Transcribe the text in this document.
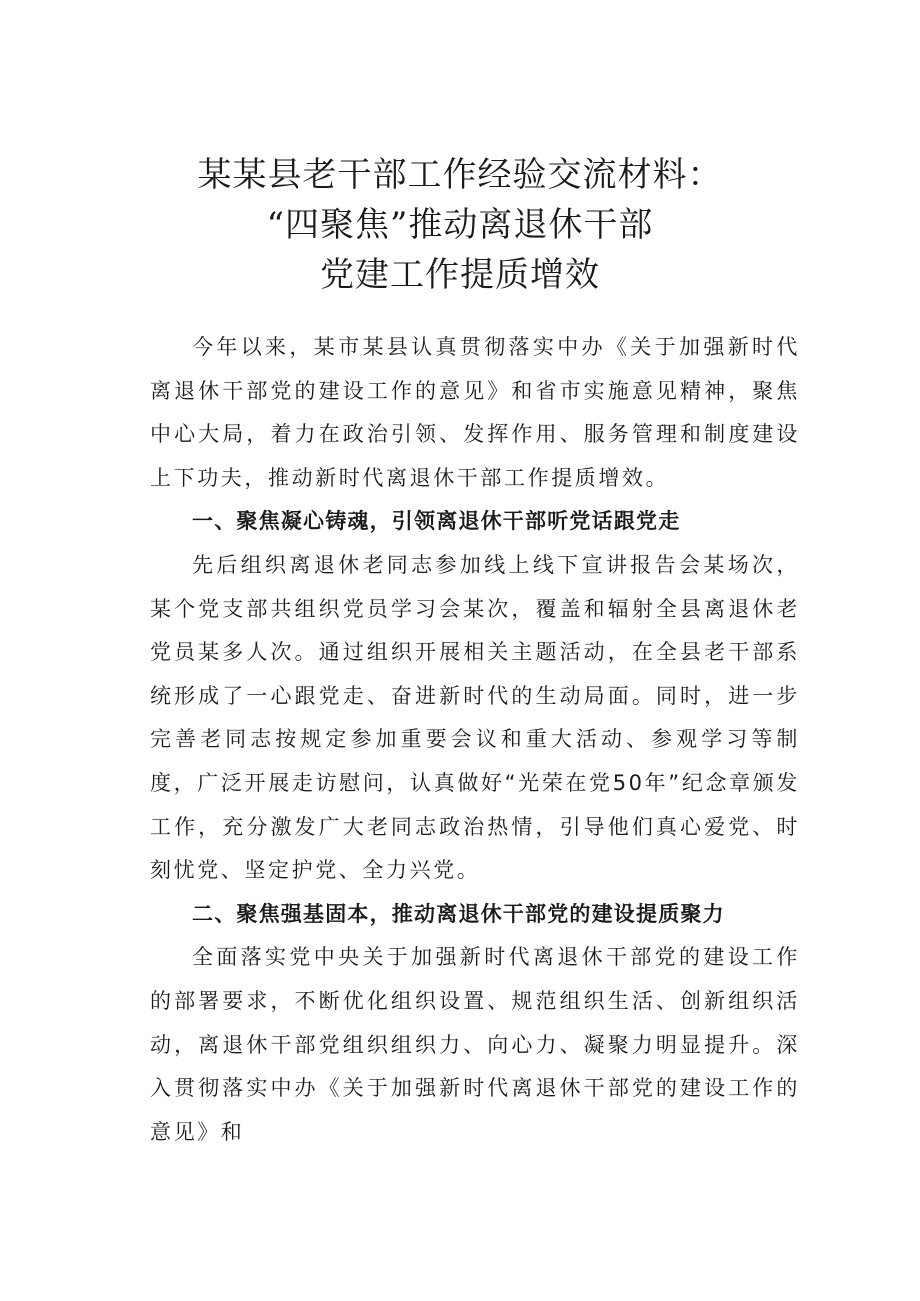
某某县老干部工作经验交流材料：
“四聚焦”推动离退休干部
党建工作提质增效

今年以来，某市某县认真贯彻落实中办《关于加强新时代离退休干部党的建设工作的意见》和省市实施意见精神，聚焦中心大局，着力在政治引领、发挥作用、服务管理和制度建设上下功夫，推动新时代离退休干部工作提质增效。

一、聚焦凝心铸魂，引领离退休干部听党话跟党走

先后组织离退休老同志参加线上线下宣讲报告会某场次，某个党支部共组织党员学习会某次，覆盖和辐射全县离退休老党员某多人次。通过组织开展相关主题活动，在全县老干部系统形成了一心跟党走、奋进新时代的生动局面。同时，进一步完善老同志按规定参加重要会议和重大活动、参观学习等制度，广泛开展走访慰问，认真做好“光荣在党50年”纪念章颁发工作，充分激发广大老同志政治热情，引导他们真心爱党、时刻忧党、坚定护党、全力兴党。

二、聚焦强基固本，推动离退休干部党的建设提质聚力

全面落实党中央关于加强新时代离退休干部党的建设工作的部署要求，不断优化组织设置、规范组织生活、创新组织活动，离退休干部党组织组织力、向心力、凝聚力明显提升。深入贯彻落实中办《关于加强新时代离退休干部党的建设工作的意见》和
